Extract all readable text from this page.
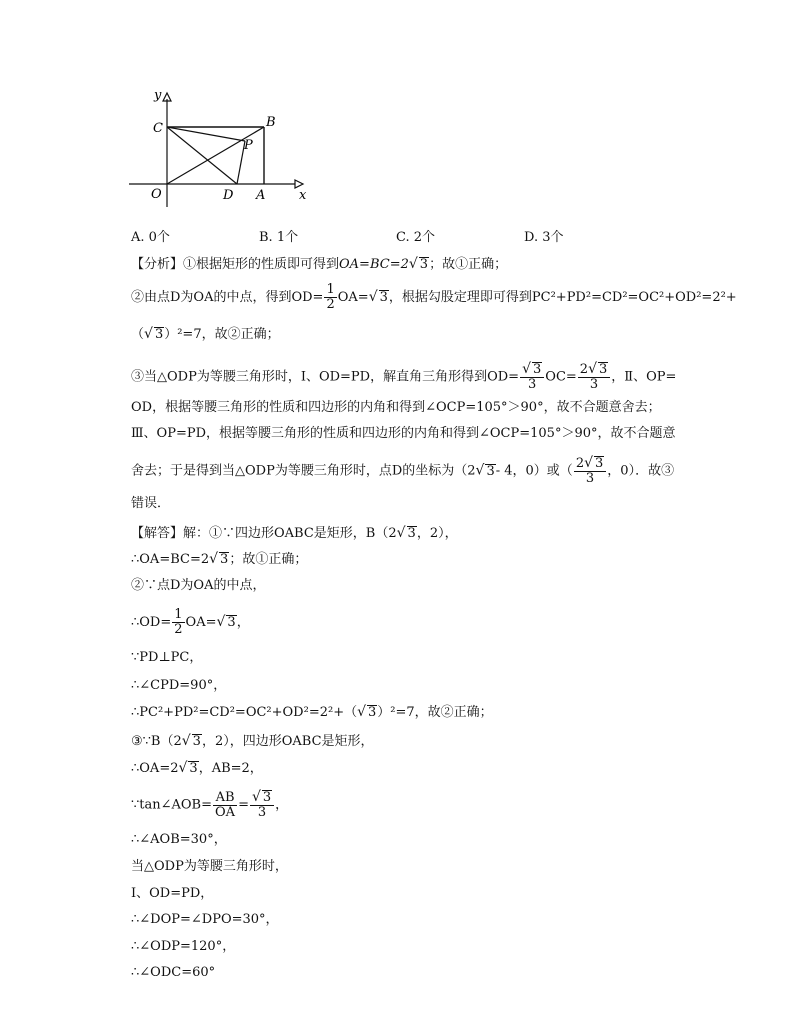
y
x
C	B
P
O	D A
A. 0个	B. 1个	C. 2个	D. 3个
【分析】①根据矩形的性质即可得到OA=BC=2√ 3；故①正确；
②由点D为OA的中点，得到$OD= \frac{1}{2} OA=√$ 3，根据勾股定理即可得到PC²+PD²=CD²=OC²+OD²=2²+
（√ 3）²=7，故②正确；
③当△ODP为等腰三角形时，Ⅰ、OD=PD，解直角三角形得到$OD= \frac{√ 3}{3} OC= \frac{2√ 3}{3}$ ，Ⅱ、OP=
OD，根据等腰三角形的性质和四边形的内角和得到∠OCP=105°＞90°，故不合题意舍去；
Ⅲ、OP=PD，根据等腰三角形的性质和四边形的内角和得到∠OCP=105°＞90°，故不合题意
舍去；于是得到当△ODP为等腰三角形时，点D的坐标为（2√ 3- 4，0）或（ $\frac{2√ 3}{3}$ ，0）．故③
错误．
【解答】解：①∵四边形OABC是矩形，B（2√ 3，2），
∴OA=BC=2√ 3；故①正确；
②∵点D为OA的中点，
∴OD= $\frac{1}{2} OA=√$ 3，
∵PD⊥PC，
∴∠CPD=90°，
∴PC²+PD²=CD²=OC²+OD²=2²+（√ 3）²=7，故②正确；
③∵B（2√ 3，2），四边形OABC是矩形，
∴OA=2√ 3，AB=2，
∵tan∠AOB= $\frac{AB}{OA} = \frac{√ 3}{3}$ ，
∴∠AOB=30°，
当△ODP为等腰三角形时，
Ⅰ、OD=PD，
∴∠DOP=∠DPO=30°，
∴∠ODP=120°，
∴∠ODC=60°
